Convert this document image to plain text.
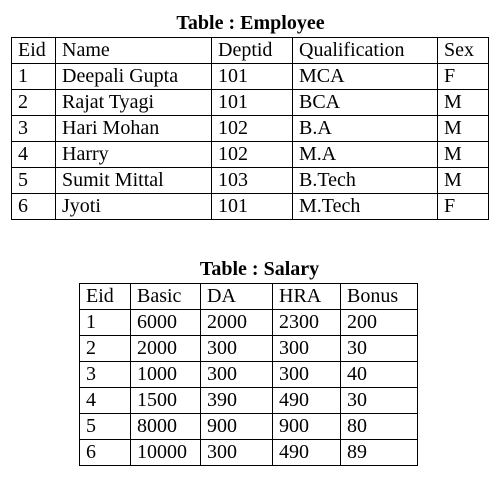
Table : Employee
Eid	Name	Deptid	Qualification	Sex
1	Deepali Gupta	101	MCA	F
2	Rajat Tyagi	101	BCA	M
3	Hari Mohan	102	B.A	M
4	Harry	102	M.A	M
5	Sumit Mittal	103	B.Tech	M
6	Jyoti	101	M.Tech	F
Table : Salary
Eid	Basic	DA	HRA	Bonus
1	6000	2000	2300	200
2	2000	300	300	30
3	1000	300	300	40
4	1500	390	490	30
5	8000	900	900	80
6	10000	300	490	89
